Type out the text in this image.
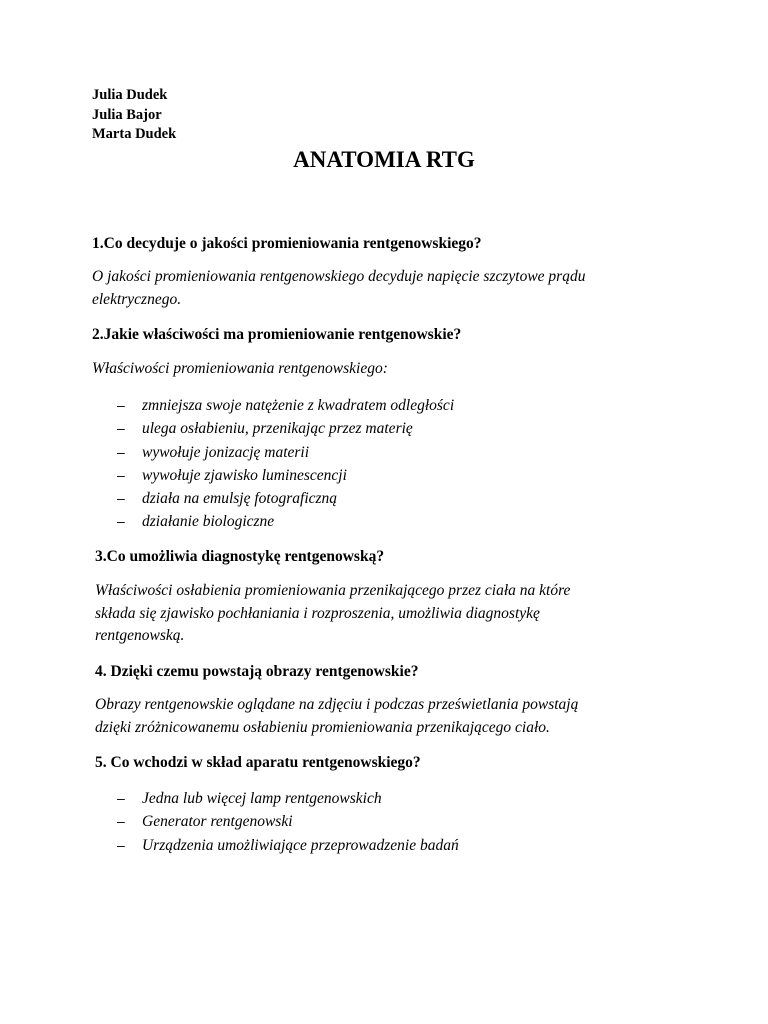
Julia Dudek
Julia Bajor
Marta Dudek
ANATOMIA RTG

1.Co decyduje o jakości promieniowania rentgenowskiego?

O jakości promieniowania rentgenowskiego decyduje napięcie szczytowe prądu
elektrycznego.

2.Jakie właściwości ma promieniowanie rentgenowskie?

Właściwości promieniowania rentgenowskiego:

– zmniejsza swoje natężenie z kwadratem odległości
– ulega osłabieniu, przenikając przez materię
– wywołuje jonizację materii
– wywołuje zjawisko luminescencji
– działa na emulsję fotograficzną
– działanie biologiczne

3.Co umożliwia diagnostykę rentgenowską?

Właściwości osłabienia promieniowania przenikającego przez ciała na które
składa się zjawisko pochłaniania i rozproszenia, umożliwia diagnostykę
rentgenowską.

4. Dzięki czemu powstają obrazy rentgenowskie?

Obrazy rentgenowskie oglądane na zdjęciu i podczas prześwietlania powstają
dzięki zróżnicowanemu osłabieniu promieniowania przenikającego ciało.

5. Co wchodzi w skład aparatu rentgenowskiego?

– Jedna lub więcej lamp rentgenowskich
– Generator rentgenowski
– Urządzenia umożliwiające przeprowadzenie badań
